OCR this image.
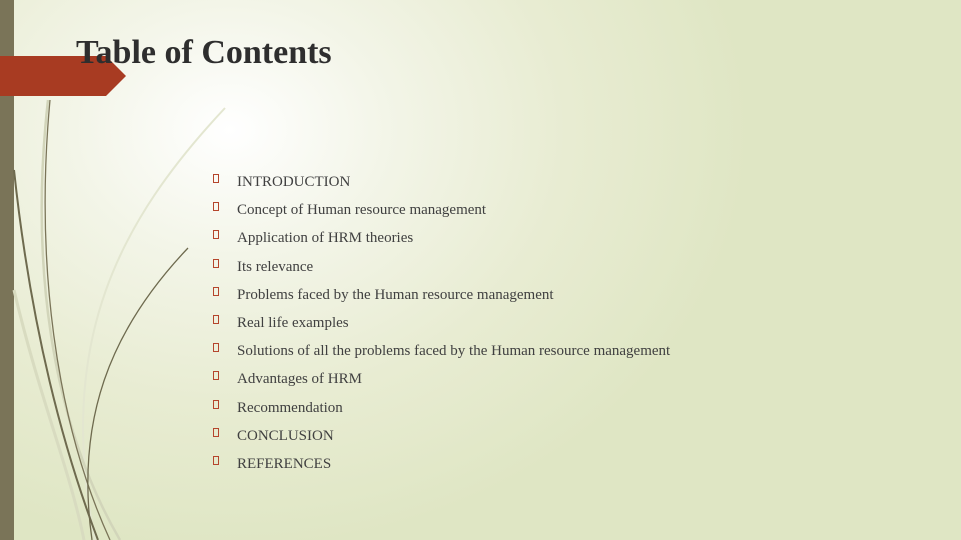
Table of Contents
INTRODUCTION
Concept of Human resource management
Application of HRM theories
Its relevance
Problems faced by the Human resource management
Real life examples
Solutions of all the problems faced by the Human resource management
Advantages of HRM
Recommendation
CONCLUSION
REFERENCES
